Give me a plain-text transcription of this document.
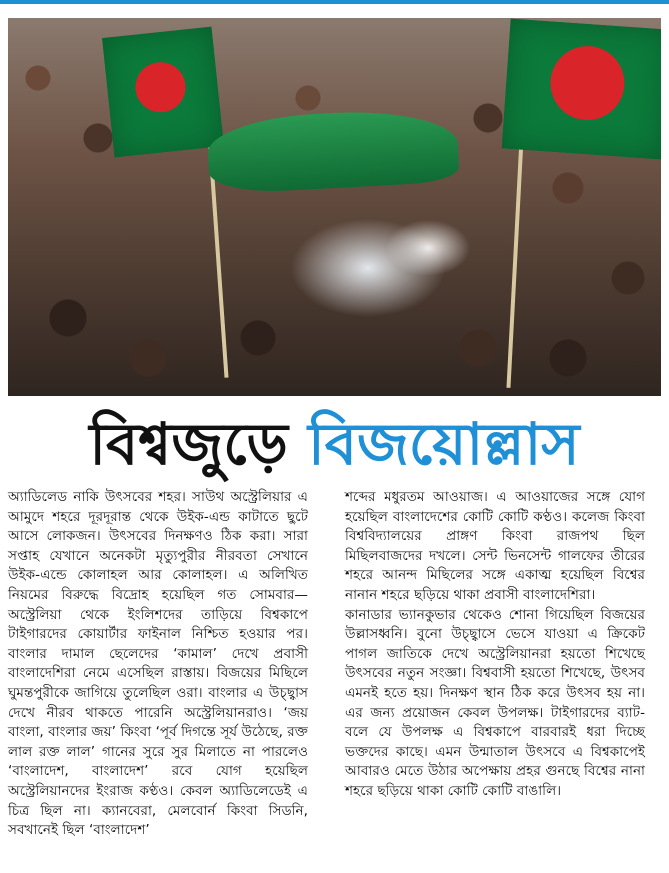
বিশ্বজুড়ে বিজয়োল্লাস

অ্যাডিলেড নাকি উৎসবের শহর। সাউথ অস্ট্রেলিয়ার এ আমুদে শহরে দূরদূরান্ত থেকে উইক-এন্ড কাটাতে ছুটে আসে লোকজন। উৎসবের দিনক্ষণও ঠিক করা। সারা সপ্তাহ যেখানে অনেকটা মৃত্যুপুরীর নীরবতা সেখানে উইক-এন্ডে কোলাহল আর কোলাহল। এ অলিখিত নিয়মের বিরুদ্ধে বিদ্রোহ হয়েছিল গত সোমবার— অস্ট্রেলিয়া থেকে ইংলিশদের তাড়িয়ে বিশ্বকাপে টাইগারদের কোয়ার্টার ফাইনাল নিশ্চিত হওয়ার পর। বাংলার দামাল ছেলেদের ‘কামাল’ দেখে প্রবাসী বাংলাদেশিরা নেমে এসেছিল রাস্তায়। বিজয়ের মিছিলে ঘুমন্তপুরীকে জাগিয়ে তুলেছিল ওরা। বাংলার এ উচ্ছ্বাস দেখে নীরব থাকতে পারেনি অস্ট্রেলিয়ানরাও। ‘জয় বাংলা, বাংলার জয়’ কিংবা ‘পূর্ব দিগন্তে সূর্য উঠেছে, রক্ত লাল রক্ত লাল’ গানের সুরে সুর মিলাতে না পারলেও ‘বাংলাদেশ, বাংলাদেশ’ রবে যোগ হয়েছিল অস্ট্রেলিয়ানদের ইংরাজ কণ্ঠও। কেবল অ্যাডিলেডেই এ চিত্র ছিল না। ক্যানবেরা, মেলবোর্ন কিংবা সিডনি, সবখানেই ছিল ‘বাংলাদেশ’

শব্দের মধুরতম আওয়াজ। এ আওয়াজের সঙ্গে যোগ হয়েছিল বাংলাদেশের কোটি কোটি কণ্ঠও। কলেজ কিংবা বিশ্ববিদ্যালয়ের প্রাঙ্গণ কিংবা রাজপথ ছিল মিছিলবাজদের দখলে। সেন্ট ভিনসেন্ট গালফের তীরের শহরে আনন্দ মিছিলের সঙ্গে একাত্ম হয়েছিল বিশ্বের নানান শহরে ছড়িয়ে থাকা প্রবাসী বাংলাদেশিরা।

কানাডার ভ্যানকুভার থেকেও শোনা গিয়েছিল বিজয়ের উল্লাসধ্বনি। বুনো উচ্ছ্বাসে ভেসে যাওয়া এ ক্রিকেট পাগল জাতিকে দেখে অস্ট্রেলিয়ানরা হয়তো শিখেছে উৎসবের নতুন সংজ্ঞা। বিশ্ববাসী হয়তো শিখেছে, উৎসব এমনই হতে হয়। দিনক্ষণ স্থান ঠিক করে উৎসব হয় না। এর জন্য প্রয়োজন কেবল উপলক্ষ। টাইগারদের ব্যাট-বলে যে উপলক্ষ এ বিশ্বকাপে বারবারই ধরা দিচ্ছে ভক্তদের কাছে। এমন উন্মাতাল উৎসবে এ বিশ্বকাপেই আবারও মেতে উঠার অপেক্ষায় প্রহর গুনছে বিশ্বের নানা শহরে ছড়িয়ে থাকা কোটি কোটি বাঙালি।
